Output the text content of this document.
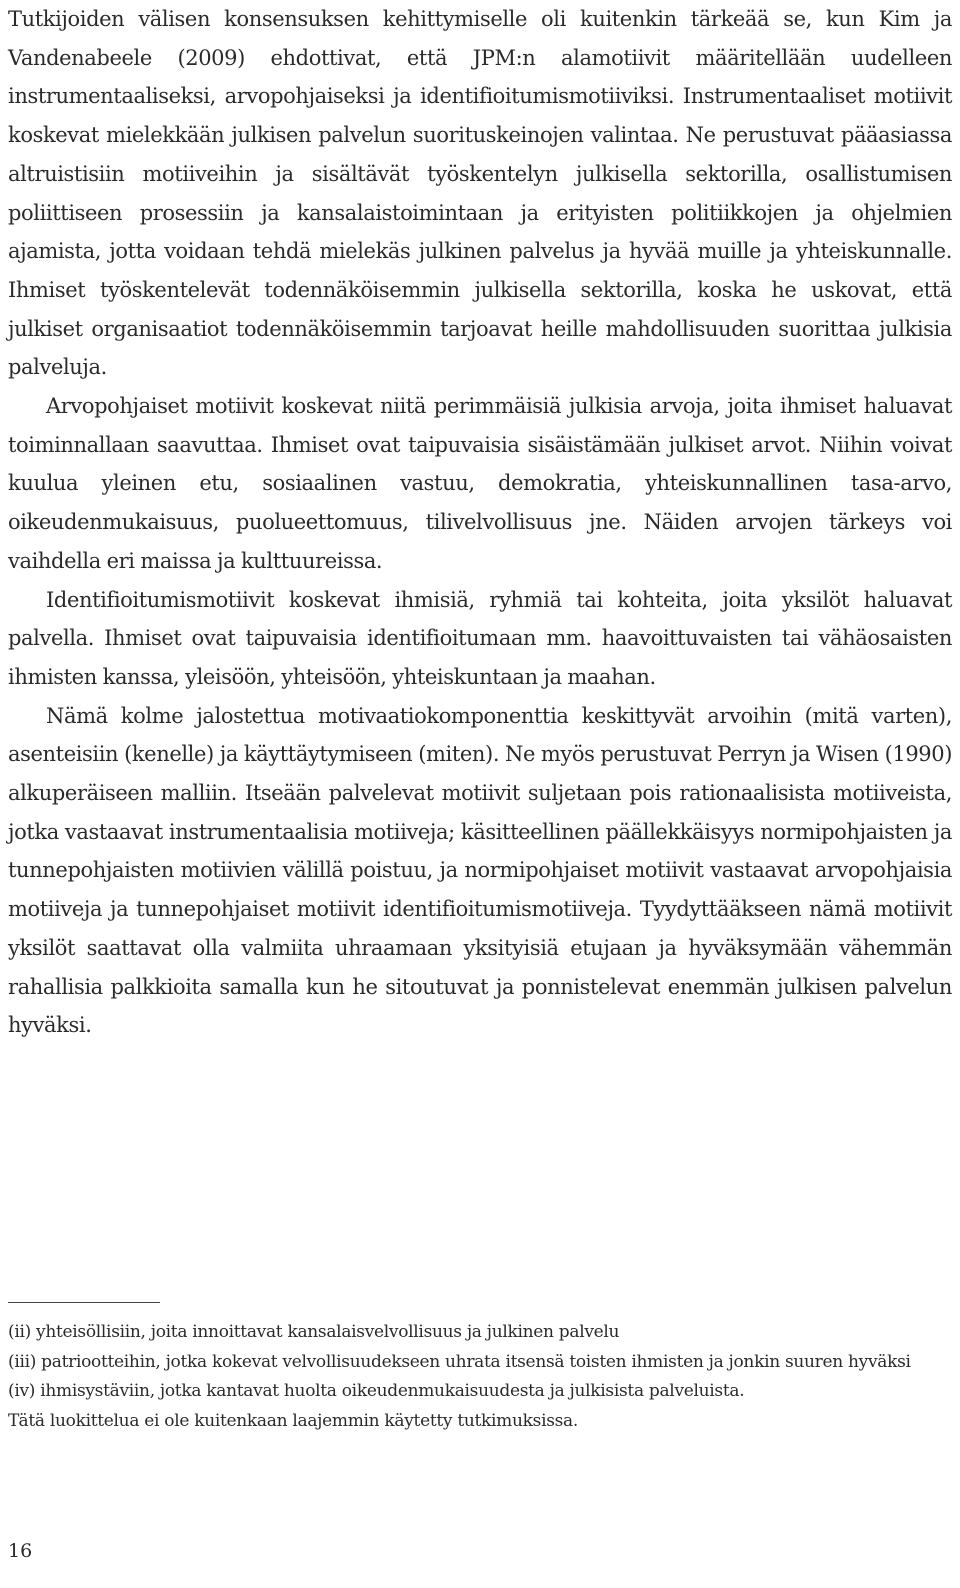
Tutkijoiden välisen konsensuksen kehittymiselle oli kuitenkin tärkeää se, kun Kim ja Vandenabeele (2009) ehdottivat, että JPM:n alamotiivit määritellään uudelleen instrumentaaliseksi, arvopohjaiseksi ja identifioitumismotiiviksi. Instrumentaaliset motiivit koskevat mielekkään julkisen palvelun suorituskeinojen valintaa. Ne perustuvat pääasiassa altruistisiin motiiveihin ja sisältävät työskentelyn julkisella sektorilla, osallistumisen poliittiseen prosessiin ja kansalaistoimintaan ja erityisten politiikkojen ja ohjelmien ajamista, jotta voidaan tehdä mielekäs julkinen palvelus ja hyvää muille ja yhteiskunnalle. Ihmiset työskentelevät todennäköisemmin julkisella sektorilla, koska he uskovat, että julkiset organisaatiot todennäköisemmin tarjoavat heille mahdollisuuden suorittaa julkisia palveluja.

Arvopohjaiset motiivit koskevat niitä perimmäisiä julkisia arvoja, joita ihmiset haluavat toiminnallaan saavuttaa. Ihmiset ovat taipuvaisia sisäistämään julkiset arvot. Niihin voivat kuulua yleinen etu, sosiaalinen vastuu, demokratia, yhteiskunnallinen tasa-arvo, oikeudenmukaisuus, puolueettomuus, tilivelvollisuus jne. Näiden arvojen tärkeys voi vaihdella eri maissa ja kulttuureissa.

Identifioitumismotiivit koskevat ihmisiä, ryhmiä tai kohteita, joita yksilöt haluavat palvella. Ihmiset ovat taipuvaisia identifioitumaan mm. haavoittuvaisten tai vähäosaisten ihmisten kanssa, yleisöön, yhteisöön, yhteiskuntaan ja maahan.

Nämä kolme jalostettua motivaatiokomponenttia keskittyvät arvoihin (mitä varten), asenteisiin (kenelle) ja käyttäytymiseen (miten). Ne myös perustuvat Perryn ja Wisen (1990) alkuperäiseen malliin. Itseään palvelevat motiivit suljetaan pois rationaalisista motiiveista, jotka vastaavat instrumentaalisia motiiveja; käsitteellinen päällekkäisyys normipohjaisten ja tunnepohjaisten motiivien välillä poistuu, ja normipohjaiset motiivit vastaavat arvopohjaisia motiiveja ja tunnepohjaiset motiivit identifioitumismotiiveja. Tyydyttääkseen nämä motiivit yksilöt saattavat olla valmiita uhraamaan yksityisiä etujaan ja hyväksymään vähemmän rahallisia palkkioita samalla kun he sitoutuvat ja ponnistelevat enemmän julkisen palvelun hyväksi.

(ii) yhteisöllisiin, joita innoittavat kansalaisvelvollisuus ja julkinen palvelu
(iii) patriootteihin, jotka kokevat velvollisuudekseen uhrata itsensä toisten ihmisten ja jonkin suuren hyväksi
(iv) ihmisystäviin, jotka kantavat huolta oikeudenmukaisuudesta ja julkisista palveluista.
Tätä luokittelua ei ole kuitenkaan laajemmin käytetty tutkimuksissa.
16
